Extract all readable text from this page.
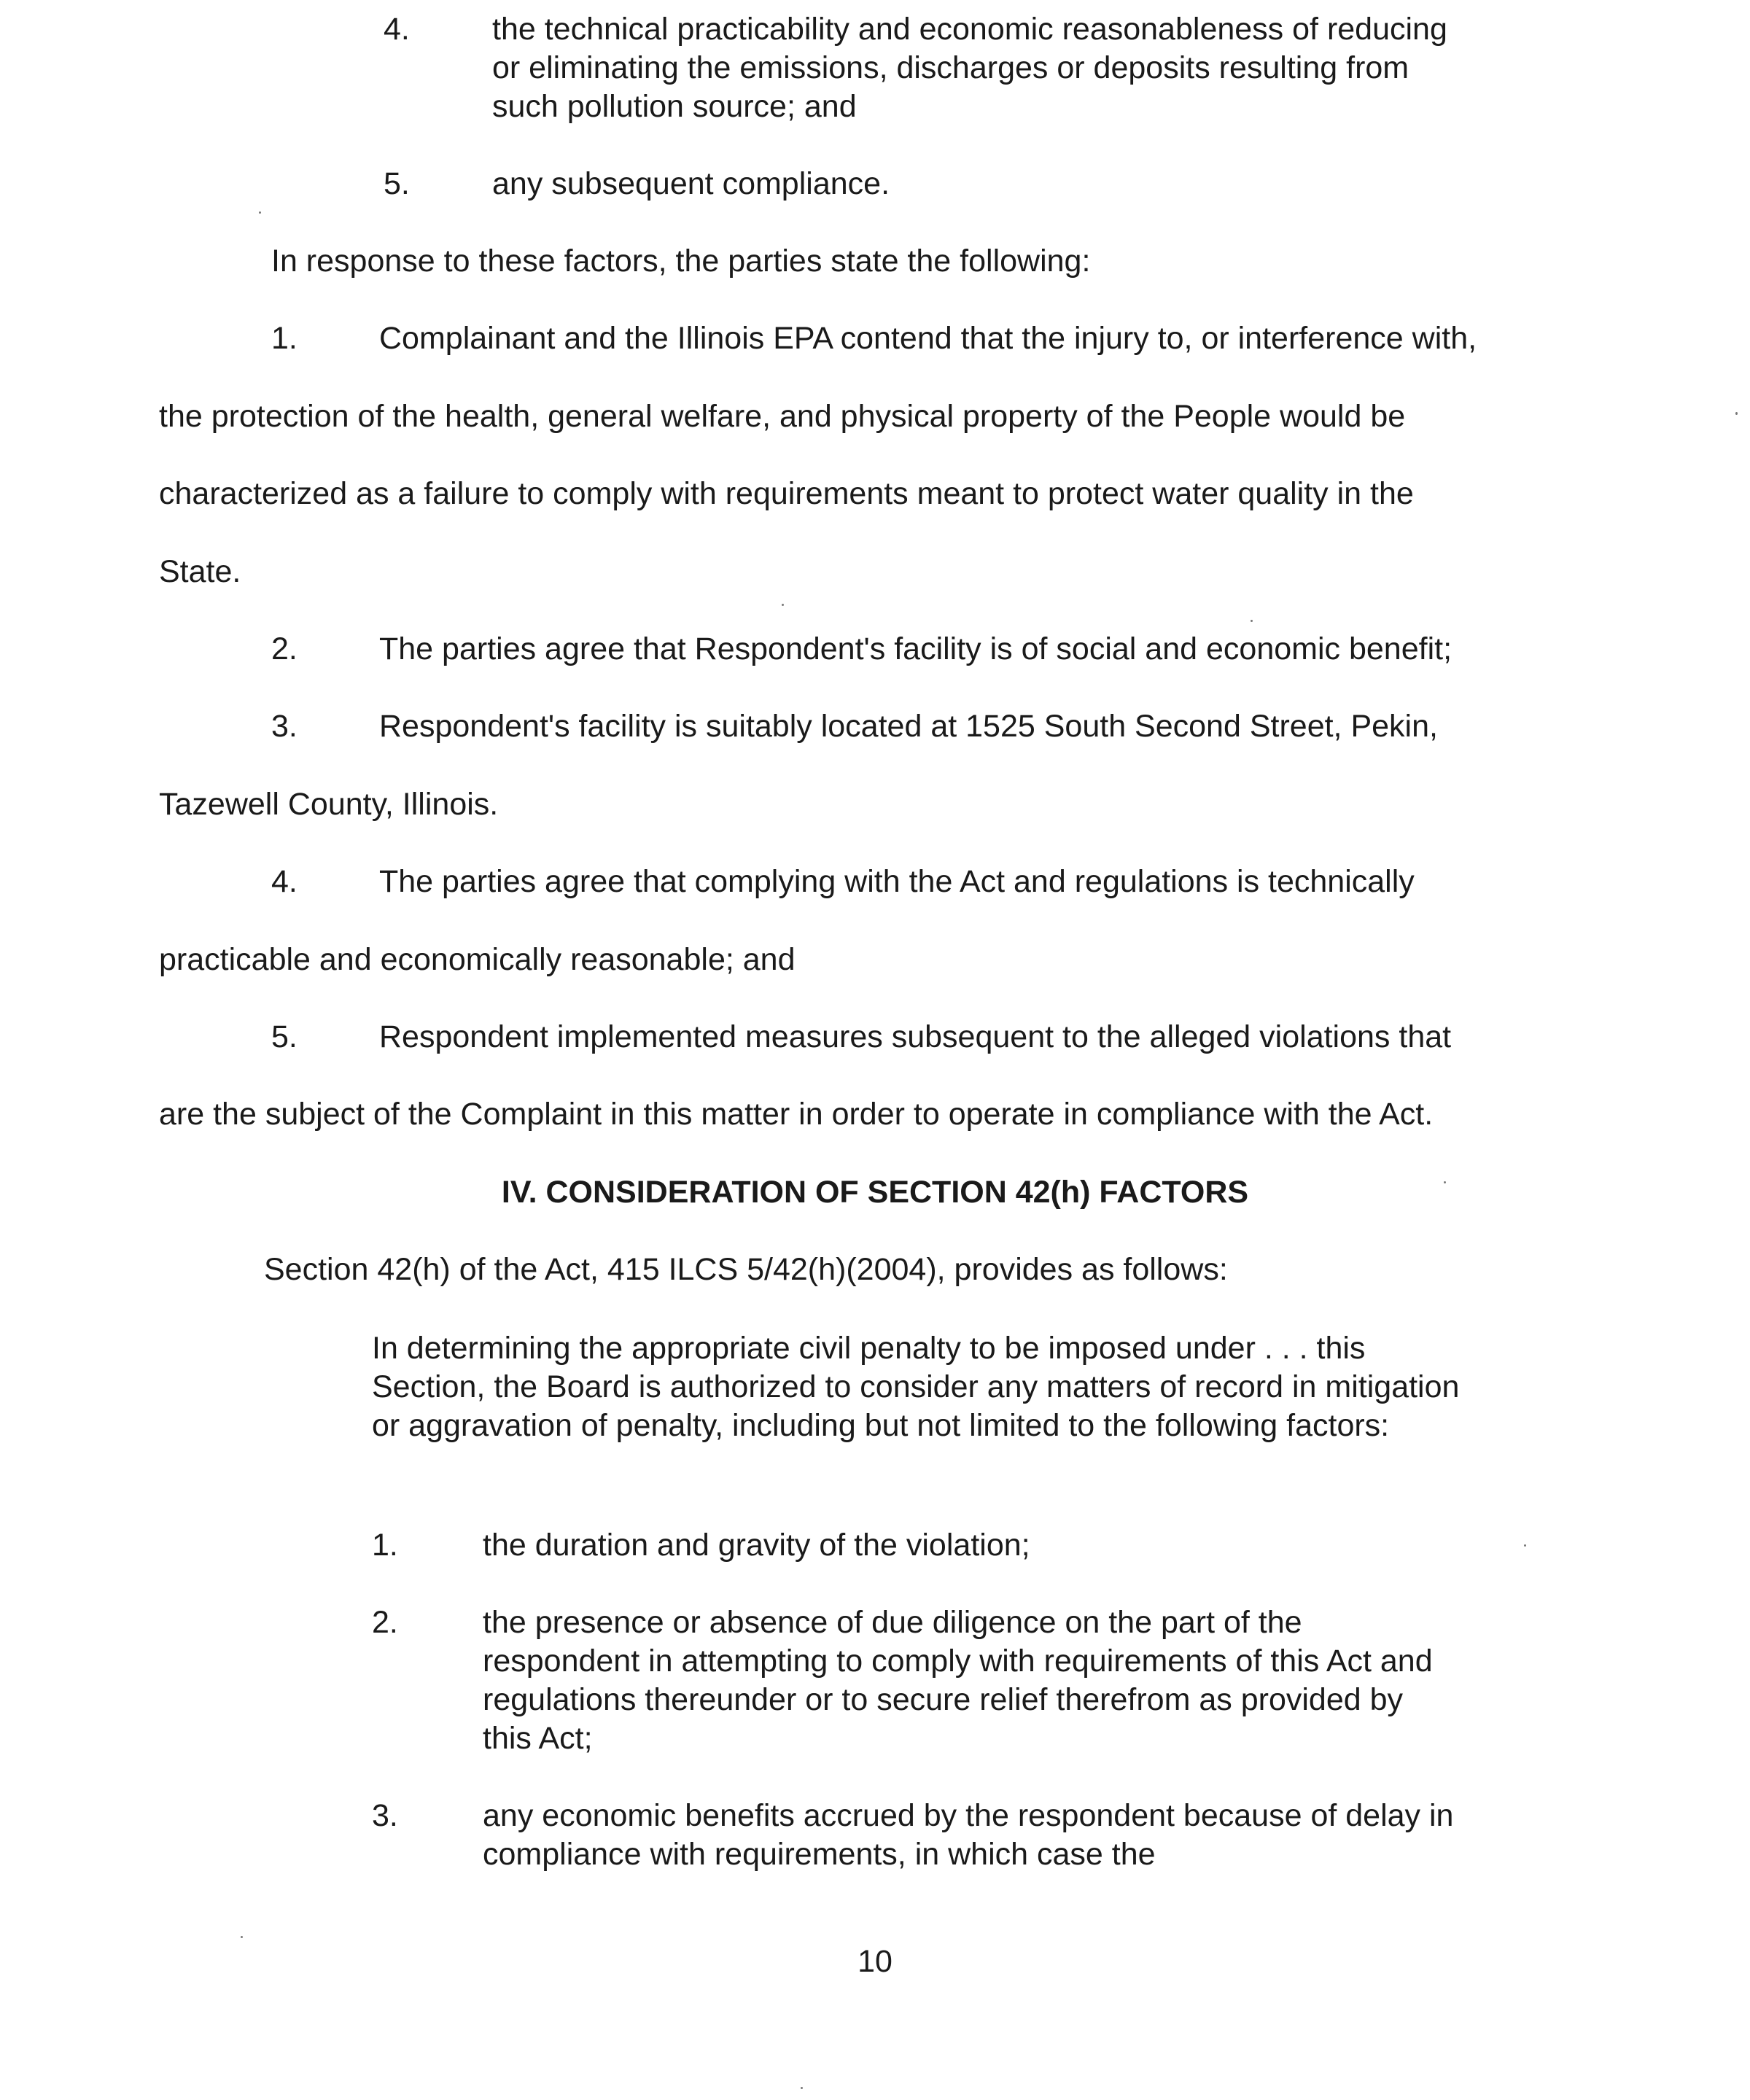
4.	the technical practicability and economic reasonableness of reducing or eliminating the emissions, discharges or deposits resulting from such pollution source; and

5.	any subsequent compliance.

In response to these factors, the parties state the following:

1.	Complainant and the Illinois EPA contend that the injury to, or interference with,
the protection of the health, general welfare, and physical property of the People would be
characterized as a failure to comply with requirements meant to protect water quality in the
State.
2.	The parties agree that Respondent's facility is of social and economic benefit;
3.	Respondent's facility is suitably located at 1525 South Second Street, Pekin,
Tazewell County, Illinois.
4.	The parties agree that complying with the Act and regulations is technically
practicable and economically reasonable; and
5.	Respondent implemented measures subsequent to the alleged violations that
are the subject of the Complaint in this matter in order to operate in compliance with the Act.
IV. CONSIDERATION OF SECTION 42(h) FACTORS

Section 42(h) of the Act, 415 ILCS 5/42(h)(2004), provides as follows:

In determining the appropriate civil penalty to be imposed under . . . this Section, the Board is authorized to consider any matters of record in mitigation or aggravation of penalty, including but not limited to the following factors:

1.	the duration and gravity of the violation;

2.	the presence or absence of due diligence on the part of the respondent in attempting to comply with requirements of this Act and regulations thereunder or to secure relief therefrom as provided by this Act;

3.	any economic benefits accrued by the respondent because of delay in compliance with requirements, in which case the

10
